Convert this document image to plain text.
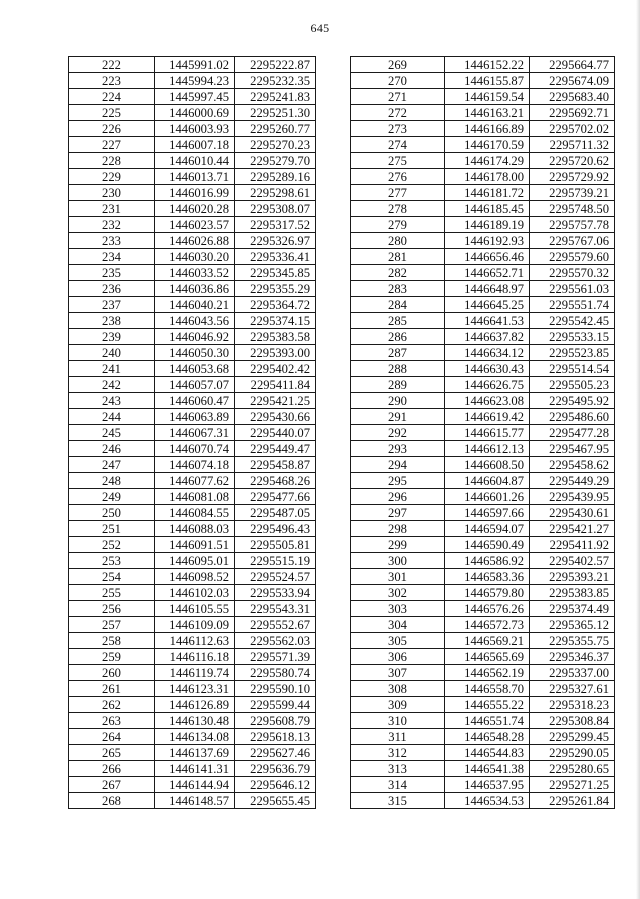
645
222	1445991.02	2295222.87
223	1445994.23	2295232.35
224	1445997.45	2295241.83
225	1446000.69	2295251.30
226	1446003.93	2295260.77
227	1446007.18	2295270.23
228	1446010.44	2295279.70
229	1446013.71	2295289.16
230	1446016.99	2295298.61
231	1446020.28	2295308.07
232	1446023.57	2295317.52
233	1446026.88	2295326.97
234	1446030.20	2295336.41
235	1446033.52	2295345.85
236	1446036.86	2295355.29
237	1446040.21	2295364.72
238	1446043.56	2295374.15
239	1446046.92	2295383.58
240	1446050.30	2295393.00
241	1446053.68	2295402.42
242	1446057.07	2295411.84
243	1446060.47	2295421.25
244	1446063.89	2295430.66
245	1446067.31	2295440.07
246	1446070.74	2295449.47
247	1446074.18	2295458.87
248	1446077.62	2295468.26
249	1446081.08	2295477.66
250	1446084.55	2295487.05
251	1446088.03	2295496.43
252	1446091.51	2295505.81
253	1446095.01	2295515.19
254	1446098.52	2295524.57
255	1446102.03	2295533.94
256	1446105.55	2295543.31
257	1446109.09	2295552.67
258	1446112.63	2295562.03
259	1446116.18	2295571.39
260	1446119.74	2295580.74
261	1446123.31	2295590.10
262	1446126.89	2295599.44
263	1446130.48	2295608.79
264	1446134.08	2295618.13
265	1446137.69	2295627.46
266	1446141.31	2295636.79
267	1446144.94	2295646.12
268	1446148.57	2295655.45
269	1446152.22	2295664.77
270	1446155.87	2295674.09
271	1446159.54	2295683.40
272	1446163.21	2295692.71
273	1446166.89	2295702.02
274	1446170.59	2295711.32
275	1446174.29	2295720.62
276	1446178.00	2295729.92
277	1446181.72	2295739.21
278	1446185.45	2295748.50
279	1446189.19	2295757.78
280	1446192.93	2295767.06
281	1446656.46	2295579.60
282	1446652.71	2295570.32
283	1446648.97	2295561.03
284	1446645.25	2295551.74
285	1446641.53	2295542.45
286	1446637.82	2295533.15
287	1446634.12	2295523.85
288	1446630.43	2295514.54
289	1446626.75	2295505.23
290	1446623.08	2295495.92
291	1446619.42	2295486.60
292	1446615.77	2295477.28
293	1446612.13	2295467.95
294	1446608.50	2295458.62
295	1446604.87	2295449.29
296	1446601.26	2295439.95
297	1446597.66	2295430.61
298	1446594.07	2295421.27
299	1446590.49	2295411.92
300	1446586.92	2295402.57
301	1446583.36	2295393.21
302	1446579.80	2295383.85
303	1446576.26	2295374.49
304	1446572.73	2295365.12
305	1446569.21	2295355.75
306	1446565.69	2295346.37
307	1446562.19	2295337.00
308	1446558.70	2295327.61
309	1446555.22	2295318.23
310	1446551.74	2295308.84
311	1446548.28	2295299.45
312	1446544.83	2295290.05
313	1446541.38	2295280.65
314	1446537.95	2295271.25
315	1446534.53	2295261.84
